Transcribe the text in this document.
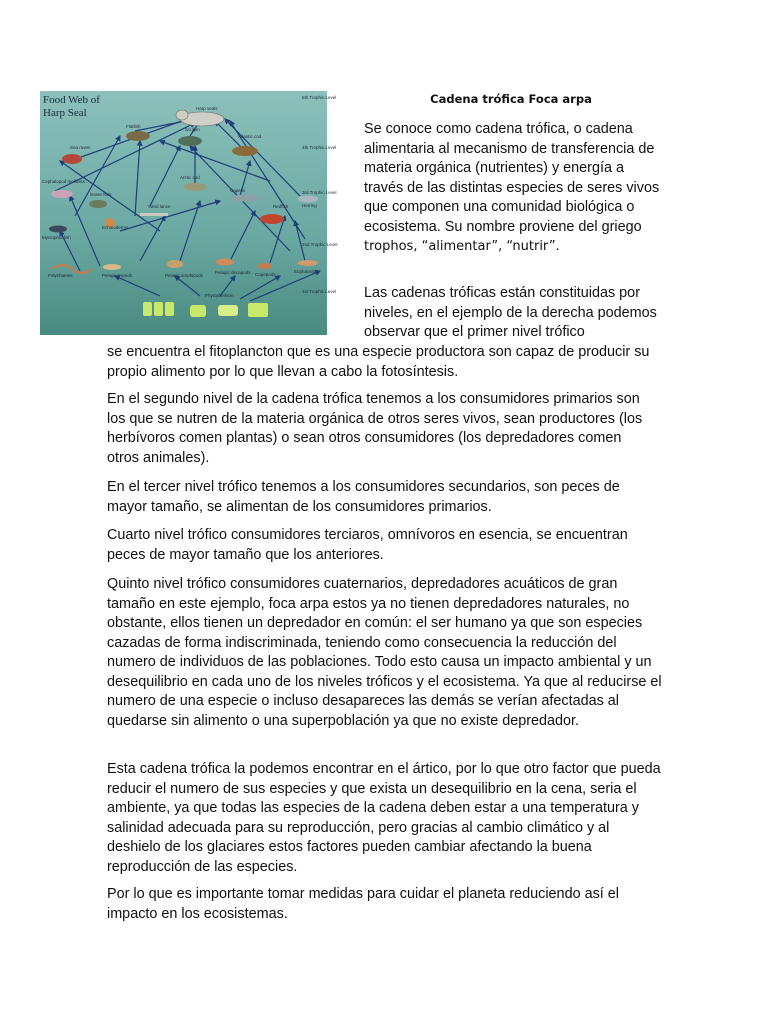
Food Web of
Harp Seal
5th Trophic Level
4th Trophic Level
3rd Trophic Level
2nd Trophic Level
1st Trophic Level
Harp seals
Sea raven
Flatfish
Sculpin
Atlantic cod
Cephalopod mollusks
Sand lance
Arctic cod
Capelin
Redfish	Herring
lesser flats
Myctophid fish
Echinoderms
Polychaetes	Pelagic mysids	Pelagic amphipods
Pelagic decapods Copepods
Euphausiids
Phytoplankton
Cadena trófica Foca arpa

Se conoce como cadena trófica, o cadena alimentaria al mecanismo de transferencia de materia orgánica (nutrientes) y energía a través de las distintas especies de seres vivos que componen una comunidad biológica o ecosistema. Su nombre proviene del griego trophos, “alimentar”, “nutrir”.

Las cadenas tróficas están constituidas por niveles, en el ejemplo de la derecha podemos observar que el primer nivel trófico

se encuentra el fitoplancton que es una especie productora son capaz de producir su propio alimento por lo que llevan a cabo la fotosíntesis.

En el segundo nivel de la cadena trófica tenemos a los consumidores primarios son los que se nutren de la materia orgánica de otros seres vivos, sean productores (los herbívoros comen plantas) o sean otros consumidores (los depredadores comen otros animales).

En el tercer nivel trófico tenemos a los consumidores secundarios, son peces de mayor tamaño, se alimentan de los consumidores primarios.

Cuarto nivel trófico consumidores terciaros, omnívoros en esencia, se encuentran peces de mayor tamaño que los anteriores.

Quinto nivel trófico consumidores cuaternarios, depredadores acuáticos de gran tamaño en este ejemplo, foca arpa estos ya no tienen depredadores naturales, no obstante, ellos tienen un depredador en común: el ser humano ya que son especies cazadas de forma indiscriminada, teniendo como consecuencia la reducción del numero de individuos de las poblaciones. Todo esto causa un impacto ambiental y un desequilibrio en cada uno de los niveles tróficos y el ecosistema. Ya que al reducirse el numero de una especie o incluso desapareces las demás se verían afectadas al quedarse sin alimento o una superpoblación ya que no existe depredador.

Esta cadena trófica la podemos encontrar en el ártico, por lo que otro factor que pueda reducir el numero de sus especies y que exista un desequilibrio en la cena, seria el ambiente, ya que todas las especies de la cadena deben estar a una temperatura y salinidad adecuada para su reproducción, pero gracias al cambio climático y al deshielo de los glaciares estos factores pueden cambiar afectando la buena reproducción de las especies.

Por lo que es importante tomar medidas para cuidar el planeta reduciendo así el impacto en los ecosistemas.
